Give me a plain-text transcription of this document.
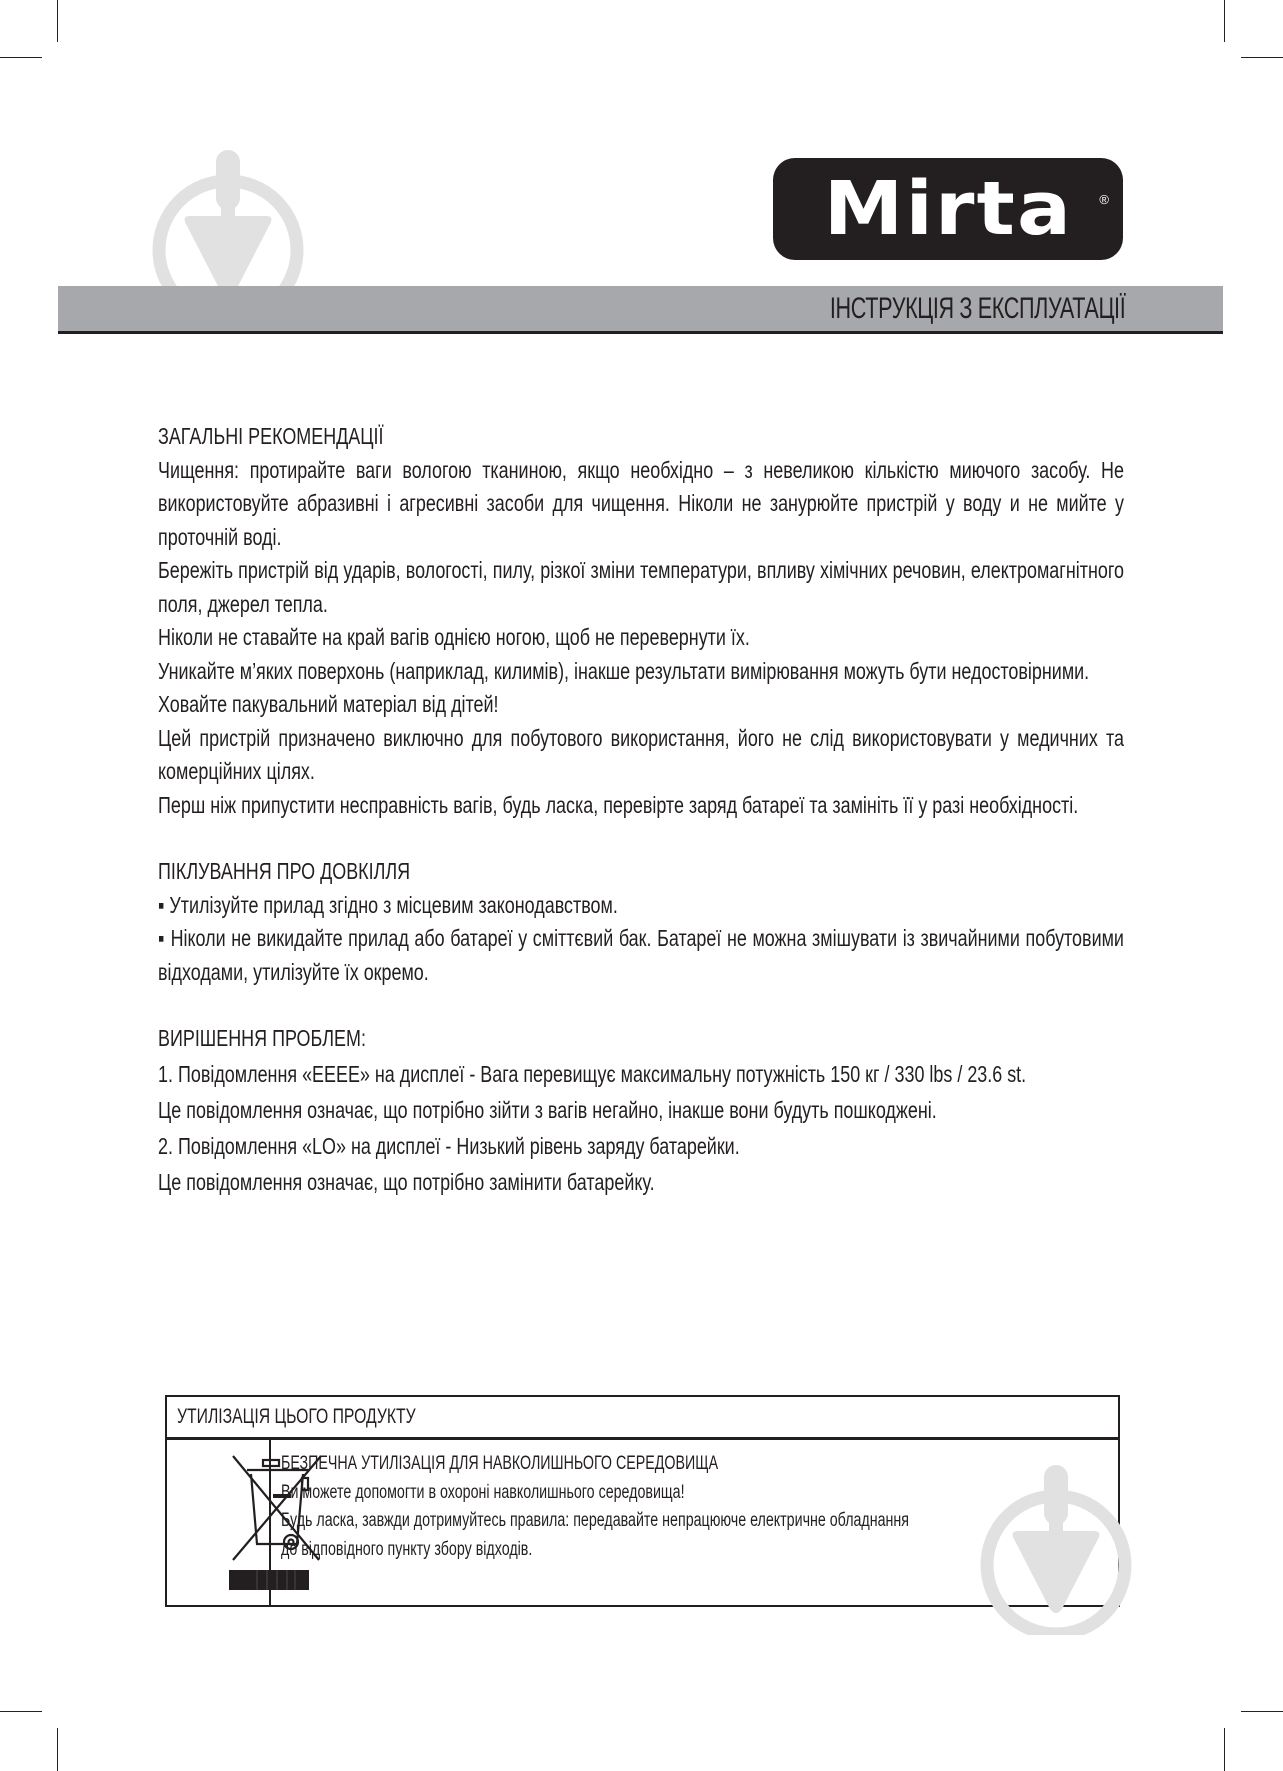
Mirta ®
ІНСТРУКЦІЯ З ЕКСПЛУАТАЦІЇ
ЗАГАЛЬНІ РЕКОМЕНДАЦІЇ
Чищення: протирайте ваги вологою тканиною, якщо необхідно – з невеликою кількістю миючого засобу. Не використовуйте абразивні і агресивні засоби для чищення. Ніколи не занурюйте пристрій у воду и не мийте у проточній воді.
Бережіть пристрій від ударів, вологості, пилу, різкої зміни температури, впливу хімічних речовин, електромагнітного поля, джерел тепла.
Ніколи не ставайте на край вагів однією ногою, щоб не перевернути їх.
Уникайте м’яких поверхонь (наприклад, килимів), інакше результати вимірювання можуть бути недостовірними.
Ховайте пакувальний матеріал від дітей!
Цей пристрій призначено виключно для побутового використання, його не слід використовувати у медичних та комерційних цілях.
Перш ніж припустити несправність вагів, будь ласка, перевірте заряд батареї та замініть її у разі необхідності.
ПІКЛУВАННЯ ПРО ДОВКІЛЛЯ
▪ Утилізуйте прилад згідно з місцевим законодавством.
▪ Ніколи не викидайте прилад або батареї у сміттєвий бак. Батареї не можна змішувати із звичайними побутовими відходами, утилізуйте їх окремо.
ВИРІШЕННЯ ПРОБЛЕМ:
1. Повідомлення «EEEE» на дисплеї - Вага перевищує максимальну потужність 150 кг / 330 lbs / 23.6 st.
Це повідомлення означає, що потрібно зійти з вагів негайно, інакше вони будуть пошкоджені.
2. Повідомлення «LO» на дисплеї - Низький рівень заряду батарейки.
Це повідомлення означає, що потрібно замінити батарейку.
УТИЛІЗАЦІЯ ЦЬОГО ПРОДУКТУ
БЕЗПЕЧНА УТИЛІЗАЦІЯ ДЛЯ НАВКОЛИШНЬОГО СЕРЕДОВИЩА
Ви можете допомогти в охороні навколишнього середовища!
Будь ласка, завжди дотримуйтесь правила: передавайте непрацююче електричне обладнання
до відповідного пункту збору відходів.
